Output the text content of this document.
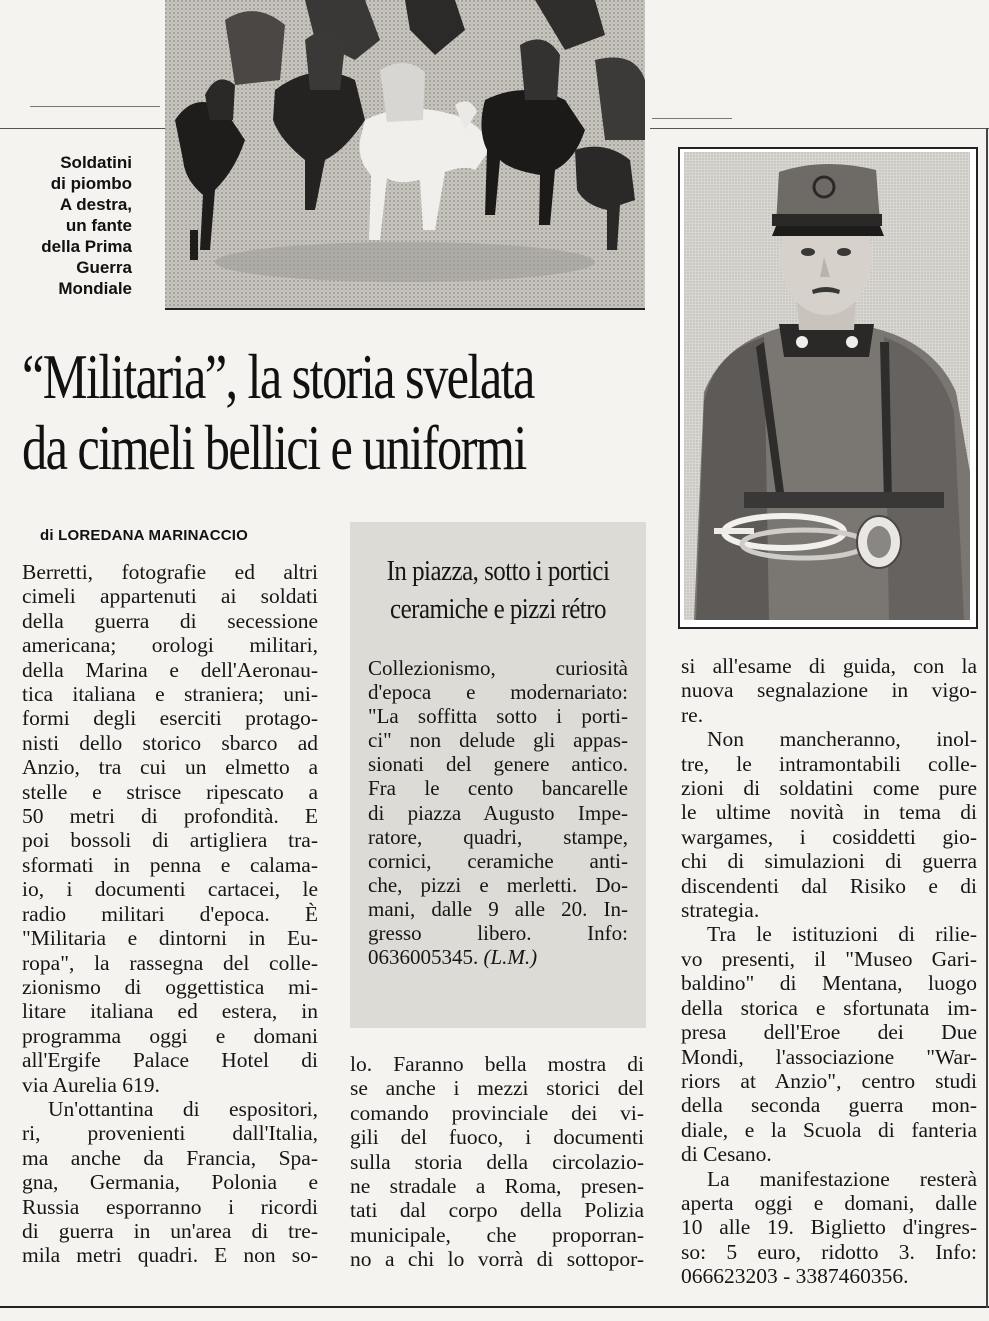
Soldatini
di piombo
A destra,
un fante
della Prima
Guerra
Mondiale
“Militaria”, la storia svelata
da cimeli bellici e uniformi
di LOREDANA MARINACCIO
Berretti, fotografie ed altri
cimeli appartenuti ai soldati
della guerra di secessione
americana; orologi militari,
della Marina e dell'Aeronau-
tica italiana e straniera; uni-
formi degli eserciti protago-
nisti dello storico sbarco ad
Anzio, tra cui un elmetto a
stelle e strisce ripescato a
50 metri di profondità. E
poi bossoli di artigliera tra-
sformati in penna e calama-
io, i documenti cartacei, le
radio militari d'epoca. È
"Militaria e dintorni in Eu-
ropa", la rassegna del colle-
zionismo di oggettistica mi-
litare italiana ed estera, in
programma oggi e domani
all'Ergife Palace Hotel di
via Aurelia 619.
Un'ottantina di espositori,
ri, provenienti dall'Italia,
ma anche da Francia, Spa-
gna, Germania, Polonia e
Russia esporranno i ricordi
di guerra in un'area di tre-
mila metri quadri. E non so-
In piazza, sotto i portici
ceramiche e pizzi rétro
Collezionismo, curiosità
d'epoca e modernariato:
"La soffitta sotto i porti-
ci" non delude gli appas-
sionati del genere antico.
Fra le cento bancarelle
di piazza Augusto Impe-
ratore, quadri, stampe,
cornici, ceramiche anti-
che, pizzi e merletti. Do-
mani, dalle 9 alle 20. In-
gresso libero. Info:
0636005345. (L.M.)
lo. Faranno bella mostra di
se anche i mezzi storici del
comando provinciale dei vi-
gili del fuoco, i documenti
sulla storia della circolazio-
ne stradale a Roma, presen-
tati dal corpo della Polizia
municipale, che proporran-
no a chi lo vorrà di sottopor-
si all'esame di guida, con la
nuova segnalazione in vigo-
re.
Non mancheranno, inol-
tre, le intramontabili colle-
zioni di soldatini come pure
le ultime novità in tema di
wargames, i cosiddetti gio-
chi di simulazioni di guerra
discendenti dal Risiko e di
strategia.
Tra le istituzioni di rilie-
vo presenti, il "Museo Gari-
baldino" di Mentana, luogo
della storica e sfortunata im-
presa dell'Eroe dei Due
Mondi, l'associazione "War-
riors at Anzio", centro studi
della seconda guerra mon-
diale, e la Scuola di fanteria
di Cesano.
La manifestazione resterà
aperta oggi e domani, dalle
10 alle 19. Biglietto d'ingres-
so: 5 euro, ridotto 3. Info:
066623203 - 3387460356.
